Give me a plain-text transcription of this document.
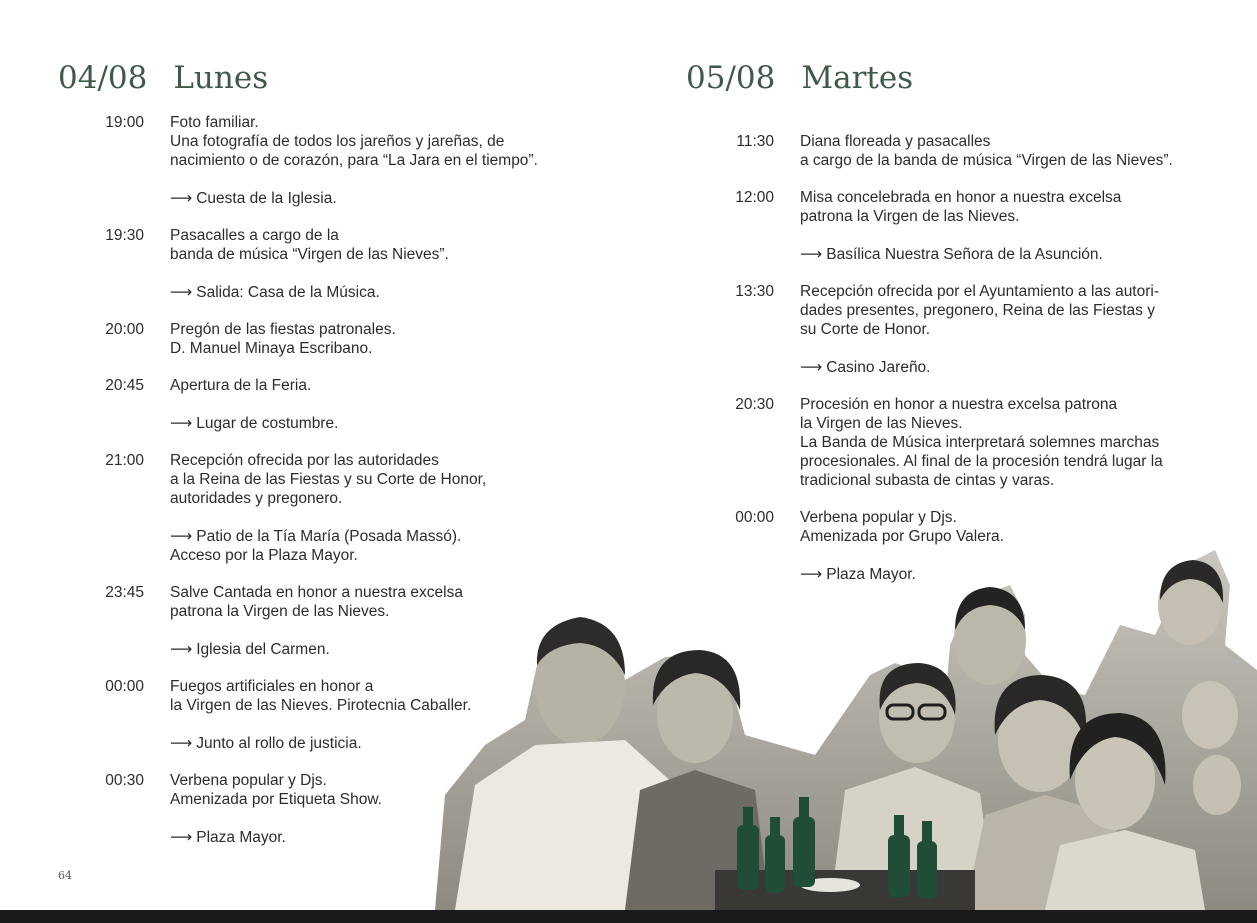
04/08 Lunes
19:00 Foto familiar.
Una fotografía de todos los jareños y jareñas, de
nacimiento o de corazón, para “La Jara en el tiempo”.
⟶ Cuesta de la Iglesia.
19:30 Pasacalles a cargo de la
banda de música “Virgen de las Nieves”.
⟶ Salida: Casa de la Música.
20:00 Pregón de las fiestas patronales.
D. Manuel Minaya Escribano.
20:45 Apertura de la Feria.
⟶ Lugar de costumbre.
21:00 Recepción ofrecida por las autoridades
a la Reina de las Fiestas y su Corte de Honor,
autoridades y pregonero.
⟶ Patio de la Tía María (Posada Massó).
Acceso por la Plaza Mayor.
23:45 Salve Cantada en honor a nuestra excelsa
patrona la Virgen de las Nieves.
⟶ Iglesia del Carmen.
00:00 Fuegos artificiales en honor a
la Virgen de las Nieves. Pirotecnia Caballer.
⟶ Junto al rollo de justicia.
00:30 Verbena popular y Djs.
Amenizada por Etiqueta Show.
⟶ Plaza Mayor.
64
05/08 Martes
11:30 Diana floreada y pasacalles
a cargo de la banda de música “Virgen de las Nieves”.
12:00 Misa concelebrada en honor a nuestra excelsa
patrona la Virgen de las Nieves.
⟶ Basílica Nuestra Señora de la Asunción.
13:30 Recepción ofrecida por el Ayuntamiento a las autori-
dades presentes, pregonero, Reina de las Fiestas y
su Corte de Honor.
⟶ Casino Jareño.
20:30 Procesión en honor a nuestra excelsa patrona
la Virgen de las Nieves.
La Banda de Música interpretará solemnes marchas
procesionales. Al final de la procesión tendrá lugar la
tradicional subasta de cintas y varas.
00:00 Verbena popular y Djs.
Amenizada por Grupo Valera.
⟶ Plaza Mayor.
